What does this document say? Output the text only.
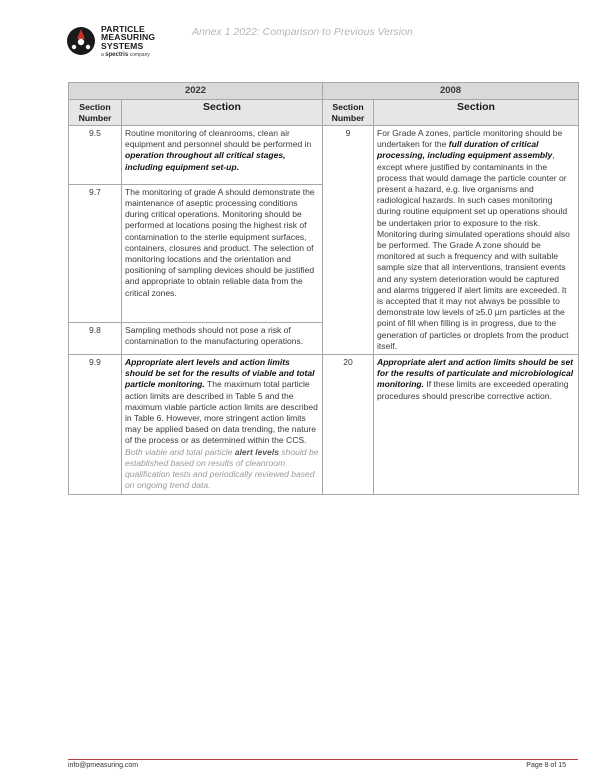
PARTICLE
MEASURING
SYSTEMS
a spectris company
Annex 1 2022: Comparison to Previous Version
2022		2008	
Section Number	Section	Section Number	Section
9.5	Routine monitoring of cleanrooms, clean air equipment and personnel should be performed in operation throughout all critical stages, including equipment set-up.	9	For Grade A zones, particle monitoring should be undertaken for the full duration of critical processing, including equipment assembly, except where justified by contaminants in the process that would damage the particle counter or present a hazard, e.g. live organisms and radiological hazards. In such cases monitoring during routine equipment set up operations should be undertaken prior to exposure to the risk. Monitoring during simulated operations should also be performed. The Grade A zone should be monitored at such a frequency and with suitable sample size that all interventions, transient events and any system deterioration would be captured and alarms triggered if alert limits are exceeded. It is accepted that it may not always be possible to demonstrate low levels of ≥5.0 µm particles at the point of fill when filling is in progress, due to the generation of particles or droplets from the product itself.
9.7	The monitoring of grade A should demonstrate the maintenance of aseptic processing conditions during critical operations. Monitoring should be performed at locations posing the highest risk of contamination to the sterile equipment surfaces, containers, closures and product. The selection of monitoring locations and the orientation and positioning of sampling devices should be justified and appropriate to obtain reliable data from the critical zones.		
9.8	Sampling methods should not pose a risk of contamination to the manufacturing operations.		
9.9	Appropriate alert levels and action limits should be set for the results of viable and total particle monitoring. The maximum total particle action limits are described in Table 5 and the maximum viable particle action limits are described in Table 6. However, more stringent action limits may be applied based on data trending, the nature of the process or as determined within the CCS. Both viable and total particle alert levels should be established based on results of cleanroom qualification tests and periodically reviewed based on ongoing trend data.	20	Appropriate alert and action limits should be set for the results of particulate and microbiological monitoring. If these limits are exceeded operating procedures should prescribe corrective action.
info@pmeasuring.com	Page 8 of 15
